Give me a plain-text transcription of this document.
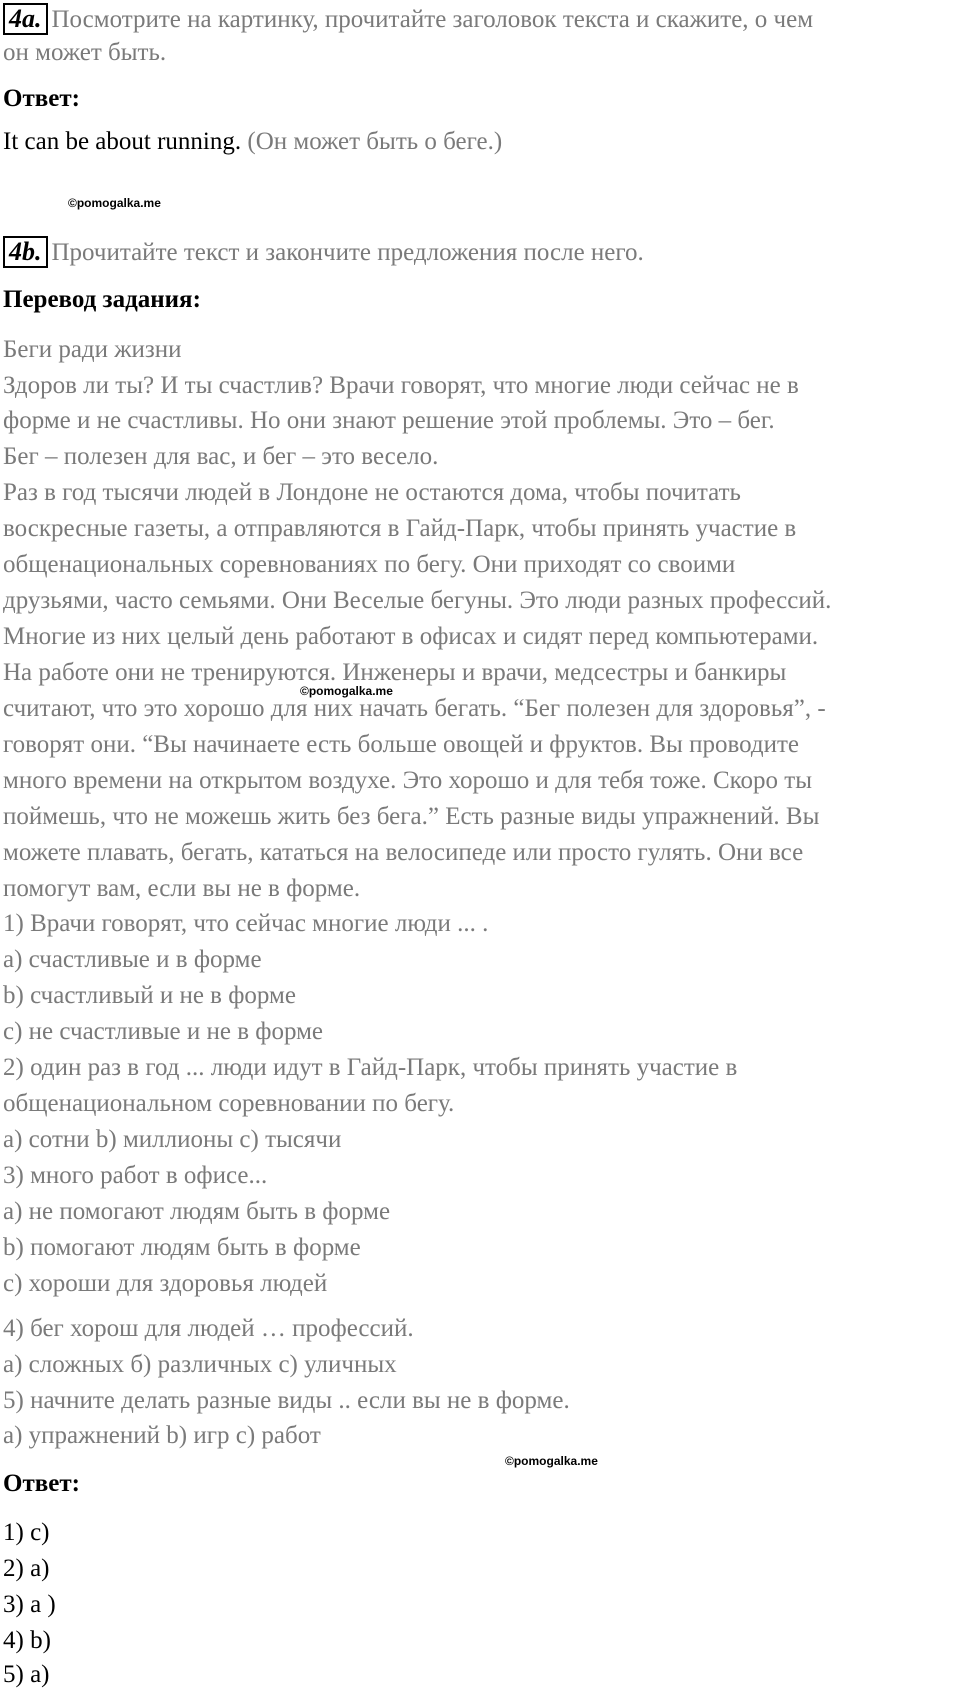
4a. Посмотрите на картинку, прочитайте заголовок текста и скажите, о чем
он может быть.
Ответ:
It can be about running. (Он может быть о беге.)
©pomogalka.me
4b. Прочитайте текст и закончите предложения после него.
Перевод задания:
Беги ради жизни
Здоров ли ты? И ты счастлив? Врачи говорят, что многие люди сейчас не в
форме и не счастливы. Но они знают решение этой проблемы. Это – бег.
Бег – полезен для вас, и бег – это весело.
Раз в год тысячи людей в Лондоне не остаются дома, чтобы почитать
воскресные газеты, а отправляются в Гайд-Парк, чтобы принять участие в
общенациональных соревнованиях по бегу. Они приходят со своими
друзьями, часто семьями. Они Веселые бегуны. Это люди разных профессий.
Многие из них целый день работают в офисах и сидят перед компьютерами.
На работе они не тренируются. Инженеры и врачи, медсестры и банкиры
©pomogalka.me
считают, что это хорошо для них начать бегать. “Бег полезен для здоровья”, -
говорят они. “Вы начинаете есть больше овощей и фруктов. Вы проводите
много времени на открытом воздухе. Это хорошо и для тебя тоже. Скоро ты
поймешь, что не можешь жить без бега.” Есть разные виды упражнений. Вы
можете плавать, бегать, кататься на велосипеде или просто гулять. Они все
помогут вам, если вы не в форме.
1) Врачи говорят, что сейчас многие люди ... .
a) счастливые и в форме
b) счастливый и не в форме
c) не счастливые и не в форме
2) один раз в год ... люди идут в Гайд-Парк, чтобы принять участие в
общенациональном соревновании по бегу.
a) сотни b) миллионы c) тысячи
3) много работ в офисе...
a) не помогают людям быть в форме
b) помогают людям быть в форме
c) хороши для здоровья людей
4) бег хорош для людей … профессий.
a) сложных б) различных с) уличных
5) начните делать разные виды .. если вы не в форме.
a) упражнений b) игр с) работ
©pomogalka.me
Ответ:
1) c)
2) a)
3) a )
4) b)
5) a)
